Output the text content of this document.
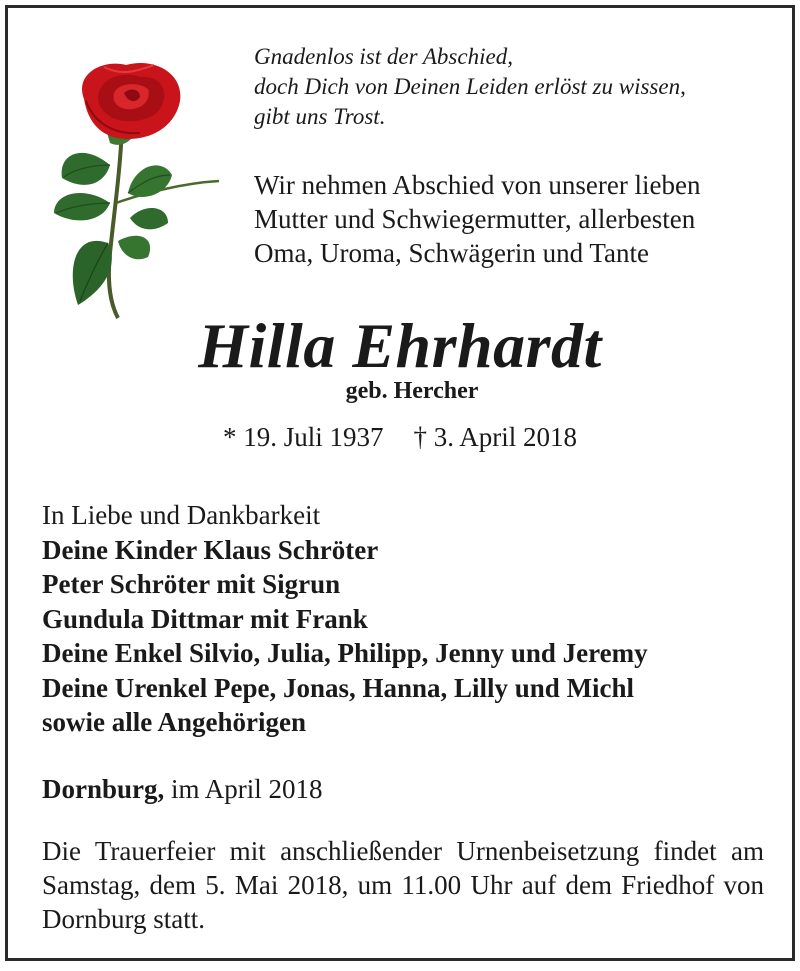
Gnadenlos ist der Abschied,
doch Dich von Deinen Leiden erlöst zu wissen,
gibt uns Trost.
Wir nehmen Abschied von unserer lieben
Mutter und Schwiegermutter, allerbesten
Oma, Uroma, Schwägerin und Tante
Hilla Ehrhardt
geb. Hercher
* 19. Juli 1937 † 3. April 2018
In Liebe und Dankbarkeit
Deine Kinder Klaus Schröter
Peter Schröter mit Sigrun
Gundula Dittmar mit Frank
Deine Enkel Silvio, Julia, Philipp, Jenny und Jeremy
Deine Urenkel Pepe, Jonas, Hanna, Lilly und Michl
sowie alle Angehörigen
Dornburg, im April 2018
Die Trauerfeier mit anschließender Urnenbeisetzung findet am Samstag, dem 5. Mai 2018, um 11.00 Uhr auf dem Friedhof von Dornburg statt.
